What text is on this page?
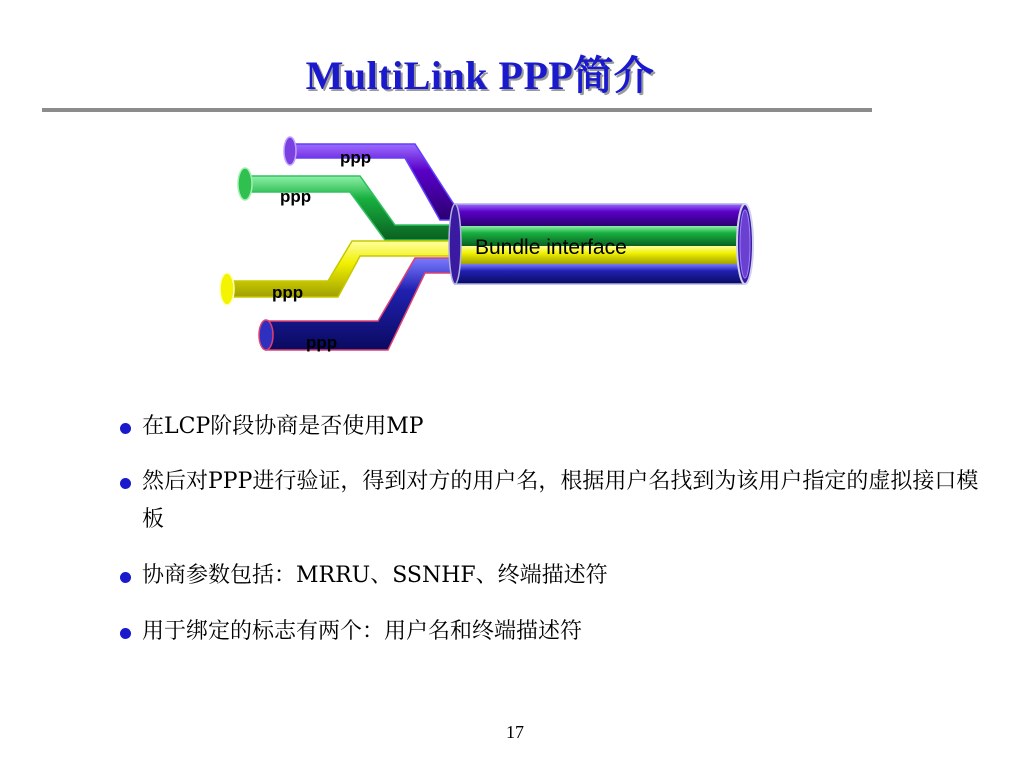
MultiLink PPP简介
ppp
ppp
ppp
ppp
Bundle interface
在LCP阶段协商是否使用MP
然后对PPP进行验证，得到对方的用户名，根据用户名找到为该用户指定的虚拟接口模板
协商参数包括：MRRU、SSNHF、终端描述符
用于绑定的标志有两个：用户名和终端描述符
17
